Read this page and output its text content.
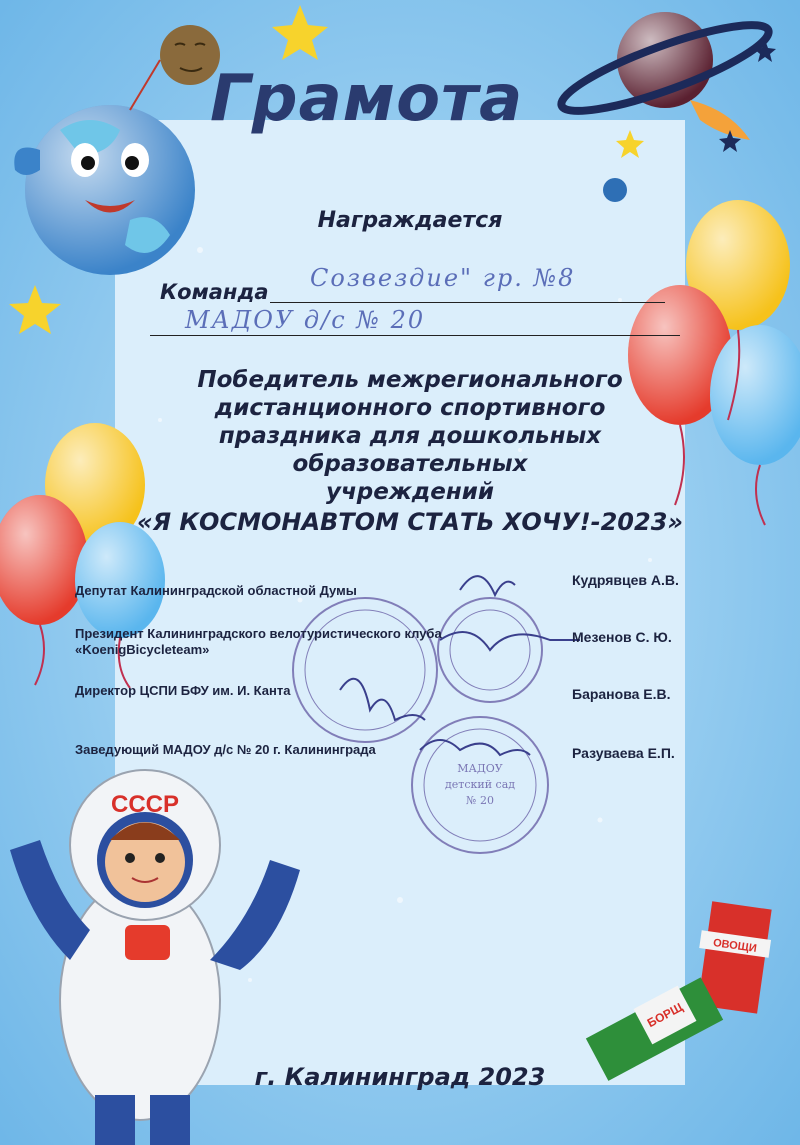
МАДОУ
детский сад
№ 20
Грамота
Награждается
Команда Созвездие" гр. №8
МАДОУ д/с № 20
Победитель межрегионального
дистанционного спортивного
праздника для дошкольных образовательных
учреждений
«Я КОСМОНАВТОМ СТАТЬ ХОЧУ!-2023»
Депутат Калининградской областной Думы
Кудрявцев А.В.
Президент Калининградского велотуристического клуба «KoenigBicycleteam»
Мезенов С. Ю.
Директор ЦСПИ БФУ им. И. Канта	Баранова Е.В.
Заведующий МАДОУ д/с № 20 г. Калининграда	Разуваева Е.П.
СССР
ОВОЩИ
БОРЩ
г. Калининград 2023
